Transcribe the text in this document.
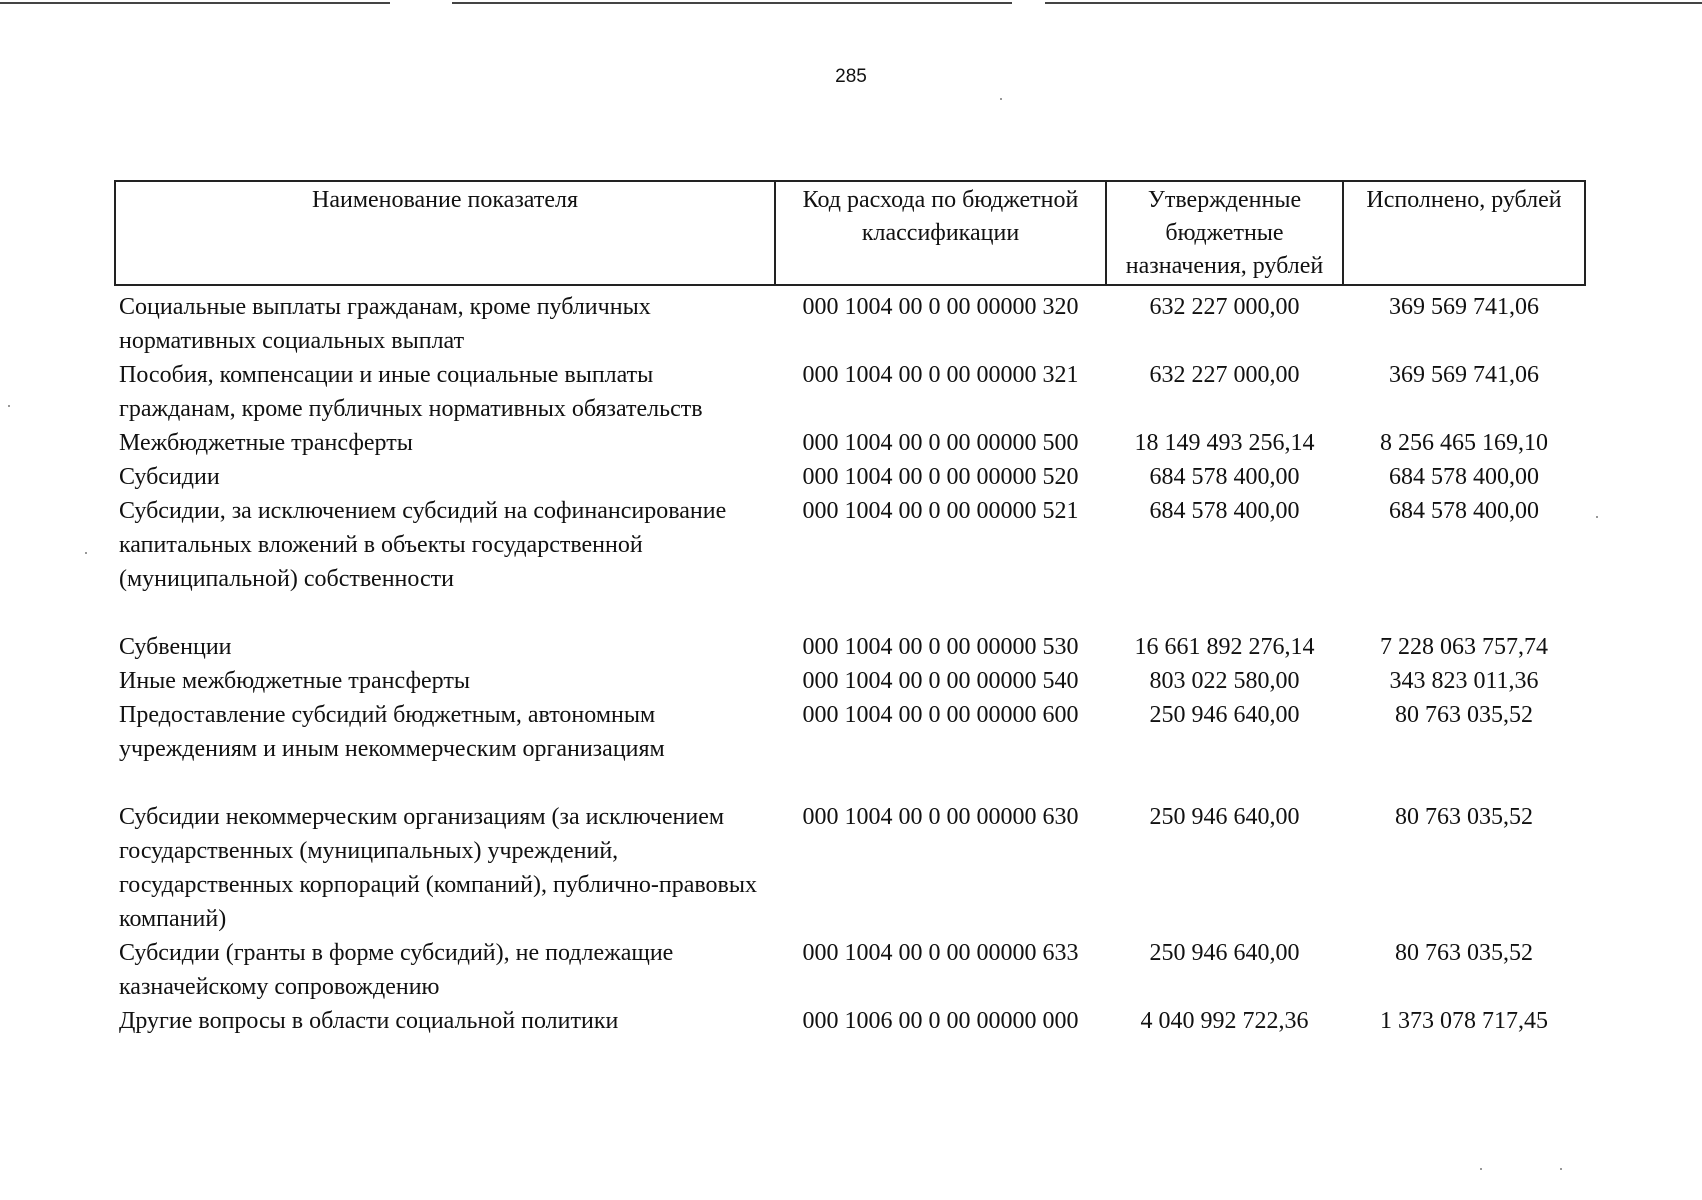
285
Наименование показателя	Код расхода по бюджетной классификации	Утвержденные бюджетные назначения, рублей	Исполнено, рублей
Социальные выплаты гражданам, кроме публичных нормативных социальных выплат	000 1004 00 0 00 00000 320	632 227 000,00	369 569 741,06
Пособия, компенсации и иные социальные выплаты гражданам, кроме публичных нормативных обязательств	000 1004 00 0 00 00000 321	632 227 000,00	369 569 741,06
Межбюджетные трансферты	000 1004 00 0 00 00000 500	18 149 493 256,14	8 256 465 169,10
Субсидии	000 1004 00 0 00 00000 520	684 578 400,00	684 578 400,00
Субсидии, за исключением субсидий на софинансирование капитальных вложений в объекты государственной (муниципальной) собственности	000 1004 00 0 00 00000 521	684 578 400,00	684 578 400,00
Субвенции	000 1004 00 0 00 00000 530	16 661 892 276,14	7 228 063 757,74
Иные межбюджетные трансферты	000 1004 00 0 00 00000 540	803 022 580,00	343 823 011,36
Предоставление субсидий бюджетным, автономным учреждениям и иным некоммерческим организациям	000 1004 00 0 00 00000 600	250 946 640,00	80 763 035,52
Субсидии некоммерческим организациям (за исключением государственных (муниципальных) учреждений, государственных корпораций (компаний), публично-правовых компаний)	000 1004 00 0 00 00000 630	250 946 640,00	80 763 035,52
Субсидии (гранты в форме субсидий), не подлежащие казначейскому сопровождению	000 1004 00 0 00 00000 633	250 946 640,00	80 763 035,52
Другие вопросы в области социальной политики	000 1006 00 0 00 00000 000	4 040 992 722,36	1 373 078 717,45
